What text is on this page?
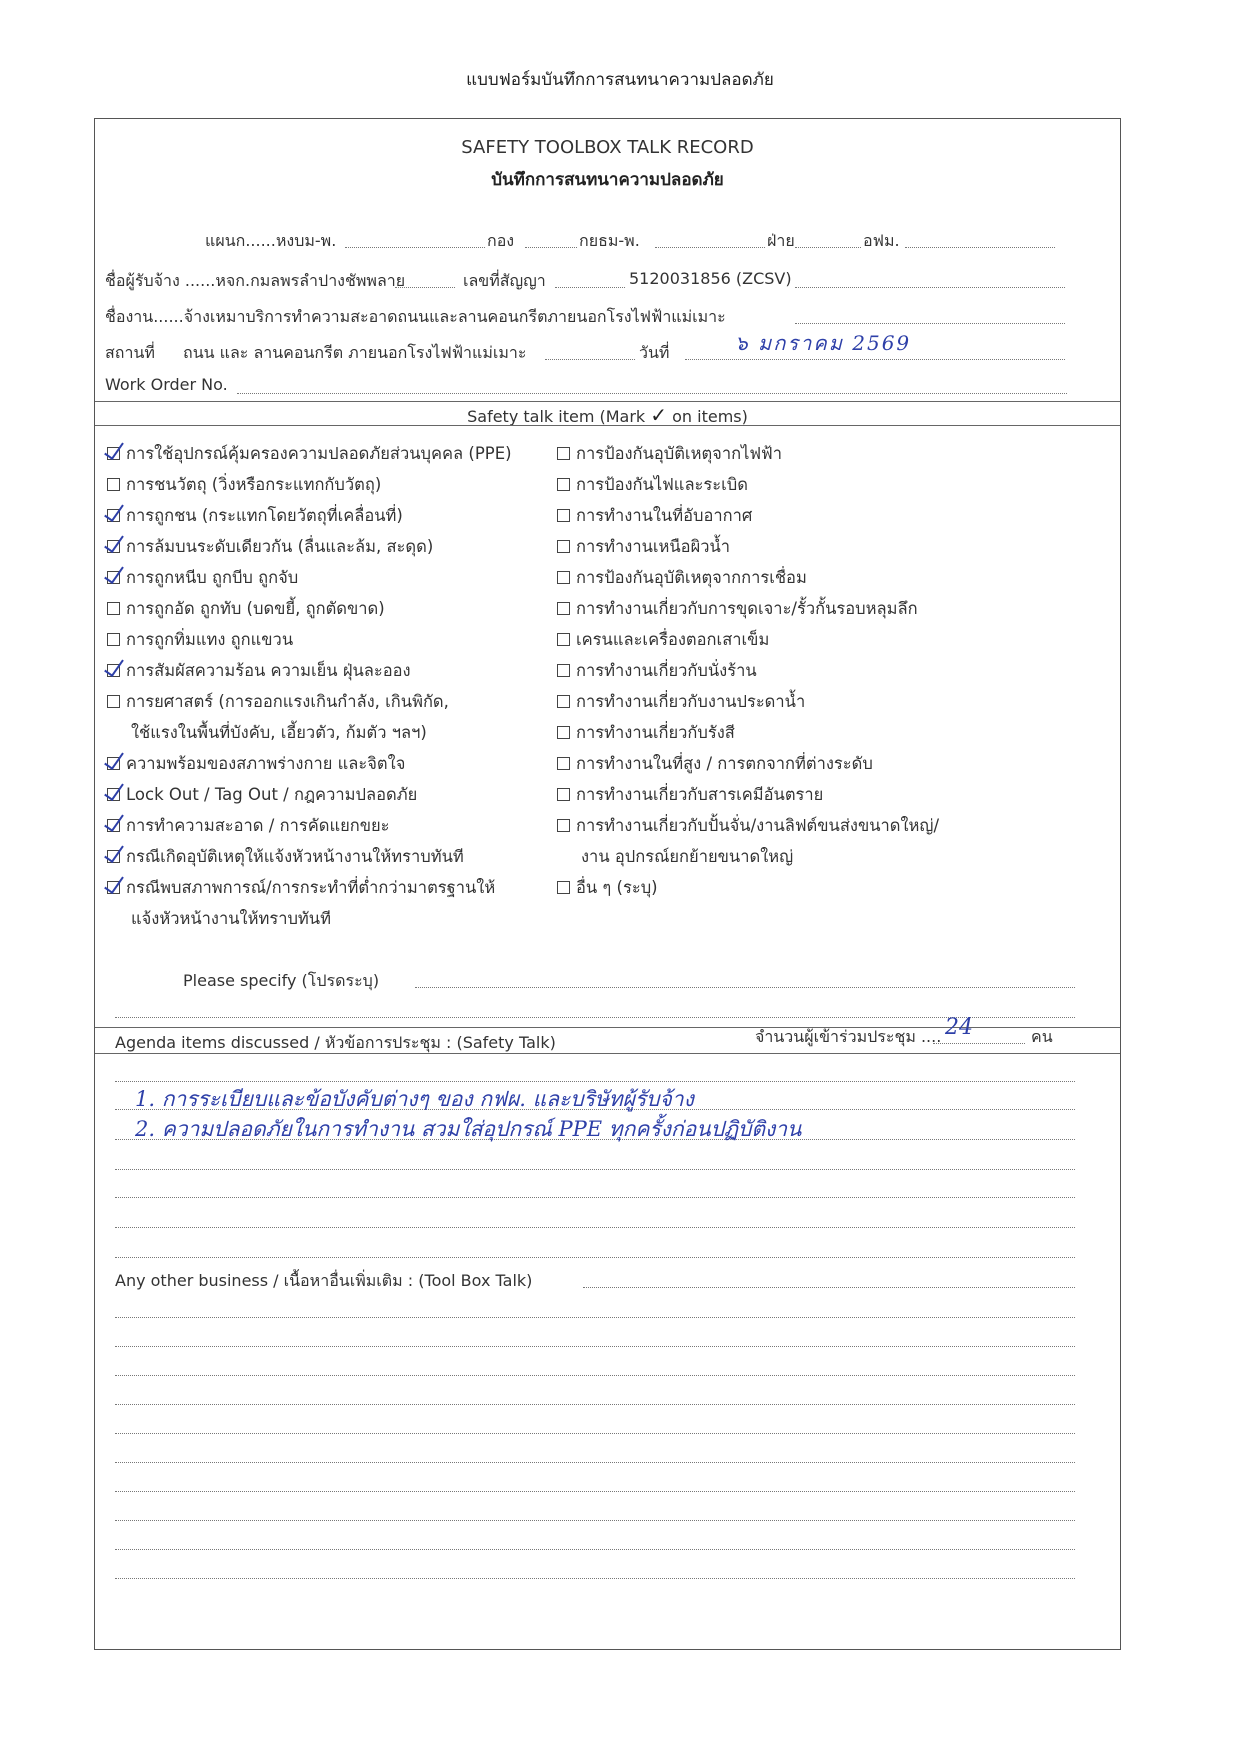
แบบฟอร์มบันทึกการสนทนาความปลอดภัย
SAFETY TOOLBOX TALK RECORD
บันทึกการสนทนาความปลอดภัย
แผนก......หงบม-พ.	กอง	กยธม-พ.	ฝ่าย	อฟม.
ชื่อผู้รับจ้าง ......หจก.กมลพรลำปางชัพพลาย	เลขที่สัญญา	5120031856 (ZCSV)
ชื่องาน......จ้างเหมาบริการทำความสะอาดถนนและลานคอนกรีตภายนอกโรงไฟฟ้าแม่เมาะ
สถานที่ ถนน และ ลานคอนกรีต ภายนอกโรงไฟฟ้าแม่เมาะ	วันที่	๖ มกราคม 2569
Work Order No.
Safety talk item (Mark ✓ on items)
การใช้อุปกรณ์คุ้มครองความปลอดภัยส่วนบุคคล (PPE)
การชนวัตถุ (วิ่งหรือกระแทกกับวัตถุ)
การถูกชน (กระแทกโดยวัตถุที่เคลื่อนที่)
การล้มบนระดับเดียวกัน (ลื่นและล้ม, สะดุด)
การถูกหนีบ ถูกบีบ ถูกจับ
การถูกอัด ถูกทับ (บดขยี้, ถูกตัดขาด)
การถูกทิ่มแทง ถูกแขวน
การสัมผัสความร้อน ความเย็น ฝุ่นละออง
การยศาสตร์ (การออกแรงเกินกำลัง, เกินพิกัด,
ใช้แรงในพื้นที่บังคับ, เอี้ยวตัว, ก้มตัว ฯลฯ)
ความพร้อมของสภาพร่างกาย และจิตใจ
Lock Out / Tag Out / กฎความปลอดภัย
การทำความสะอาด / การคัดแยกขยะ
กรณีเกิดอุบัติเหตุให้แจ้งหัวหน้างานให้ทราบทันที
กรณีพบสภาพการณ์/การกระทำที่ต่ำกว่ามาตรฐานให้
แจ้งหัวหน้างานให้ทราบทันที
การป้องกันอุบัติเหตุจากไฟฟ้า
การป้องกันไฟและระเบิด
การทำงานในที่อับอากาศ
การทำงานเหนือผิวน้ำ
การป้องกันอุบัติเหตุจากการเชื่อม
การทำงานเกี่ยวกับการขุดเจาะ/รั้วกั้นรอบหลุมลึก
เครนและเครื่องตอกเสาเข็ม
การทำงานเกี่ยวกับนั่งร้าน
การทำงานเกี่ยวกับงานประดาน้ำ
การทำงานเกี่ยวกับรังสี
การทำงานในที่สูง / การตกจากที่ต่างระดับ
การทำงานเกี่ยวกับสารเคมีอันตราย
การทำงานเกี่ยวกับปั้นจั่น/งานลิฟต์ขนส่งขนาดใหญ่/
งาน อุปกรณ์ยกย้ายขนาดใหญ่
อื่น ๆ (ระบุ)
Please specify (โปรดระบุ)
Agenda items discussed / หัวข้อการประชุม : (Safety Talk)	จำนวนผู้เข้าร่วมประชุม .... 24	คน
1. การระเบียบและข้อบังคับต่างๆ ของ กฟผ. และบริษัทผู้รับจ้าง
2. ความปลอดภัยในการทำงาน สวมใส่อุปกรณ์ PPE ทุกครั้งก่อนปฏิบัติงาน
Any other business / เนื้อหาอื่นเพิ่มเติม : (Tool Box Talk)
